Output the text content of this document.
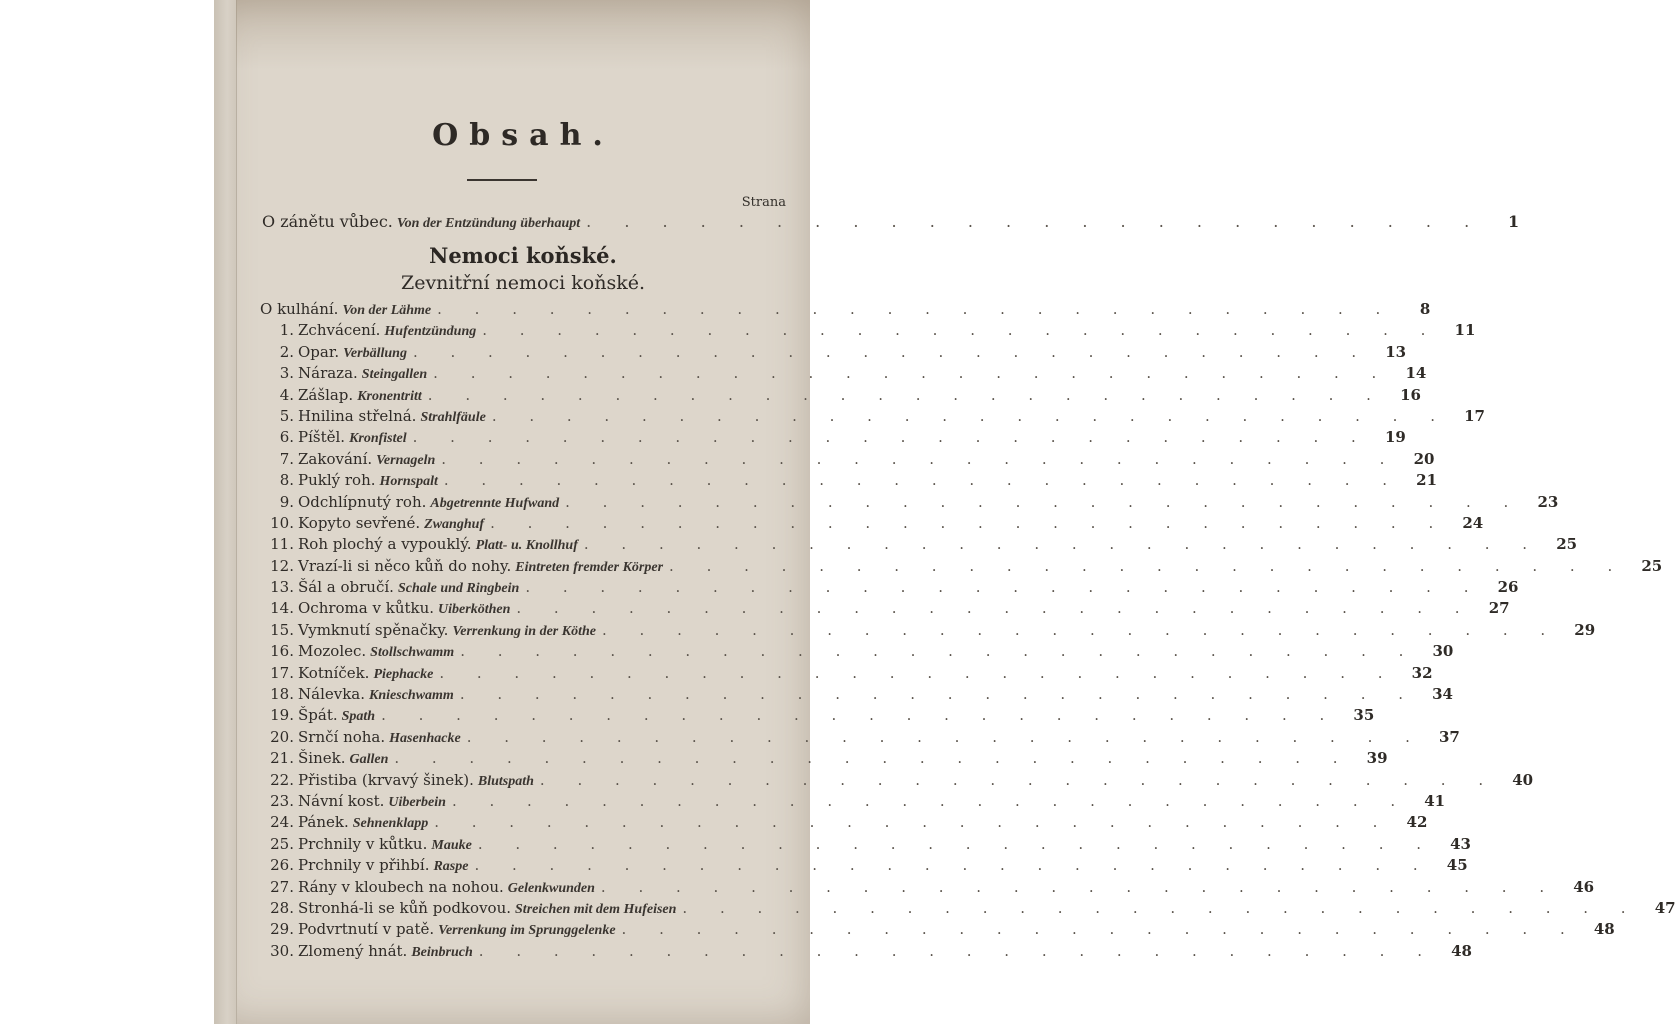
Obsah.
Strana
O zánětu vůbec. Von der Entzündung überhaupt . . . . . . . . . . . . . . . . . . . . . . . .	1
Nemoci koňské.
Zevnitřní nemoci koňské.
O kulhání. Von der Lähme . . . . . . . . . . . . . . . . . . . . . . . . . .	8
1. Zchvácení. Hufentzündung . . . . . . . . . . . . . . . . . . . . . . . . . .	11
2. Opar. Verbällung . . . . . . . . . . . . . . . . . . . . . . . . . .	13
3. Náraza. Steingallen . . . . . . . . . . . . . . . . . . . . . . . . . .	14
4. Zášlap. Kronentritt . . . . . . . . . . . . . . . . . . . . . . . . . .	16
5. Hnilina střelná. Strahlfäule . . . . . . . . . . . . . . . . . . . . . . . . . .	17
6. Píštěl. Kronfistel . . . . . . . . . . . . . . . . . . . . . . . . . .	19
7. Zakování. Vernageln . . . . . . . . . . . . . . . . . . . . . . . . . .	20
8. Puklý roh. Hornspalt . . . . . . . . . . . . . . . . . . . . . . . . . .	21
9. Odchlípnutý roh. Abgetrennte Hufwand . . . . . . . . . . . . . . . . . . . . . . . . . .	23
10. Kopyto sevřené. Zwanghuf . . . . . . . . . . . . . . . . . . . . . . . . . .	24
11. Roh plochý a vypouklý. Platt- u. Knollhuf . . . . . . . . . . . . . . . . . . . . . . . . . .	25
12. Vrazí-li si něco kůň do nohy. Eintreten fremder Körper . . . . . . . . . . . . . . . . . . . . . . . . . .	25
13. Šál a obručí. Schale und Ringbein . . . . . . . . . . . . . . . . . . . . . . . . . .	26
14. Ochroma v kůtku. Uiberköthen . . . . . . . . . . . . . . . . . . . . . . . . . .	27
15. Vymknutí spěnačky. Verrenkung in der Köthe . . . . . . . . . . . . . . . . . . . . . . . . . .	29
16. Mozolec. Stollschwamm . . . . . . . . . . . . . . . . . . . . . . . . . .	30
17. Kotníček. Piephacke . . . . . . . . . . . . . . . . . . . . . . . . . .	32
18. Nálevka. Knieschwamm . . . . . . . . . . . . . . . . . . . . . . . . . .	34
19. Špát. Spath . . . . . . . . . . . . . . . . . . . . . . . . . .	35
20. Srnčí noha. Hasenhacke . . . . . . . . . . . . . . . . . . . . . . . . . .	37
21. Šinek. Gallen . . . . . . . . . . . . . . . . . . . . . . . . . .	39
22. Přistiba (krvavý šinek). Blutspath . . . . . . . . . . . . . . . . . . . . . . . . . .	40
23. Návní kost. Uiberbein . . . . . . . . . . . . . . . . . . . . . . . . . .	41
24. Pánek. Sehnenklapp . . . . . . . . . . . . . . . . . . . . . . . . . .	42
25. Prchnily v kůtku. Mauke . . . . . . . . . . . . . . . . . . . . . . . . . .	43
26. Prchnily v přihbí. Raspe . . . . . . . . . . . . . . . . . . . . . . . . . .	45
27. Rány v kloubech na nohou. Gelenkwunden . . . . . . . . . . . . . . . . . . . . . . . . . .	46
28. Stronhá-li se kůň podkovou. Streichen mit dem Hufeisen . . . . . . . . . . . . . . . . . . . . . . . . . .	47
29. Podvrtnutí v patě. Verrenkung im Sprunggelenke . . . . . . . . . . . . . . . . . . . . . . . . . .	48
30. Zlomený hnát. Beinbruch . . . . . . . . . . . . . . . . . . . . . . . . . .	48
